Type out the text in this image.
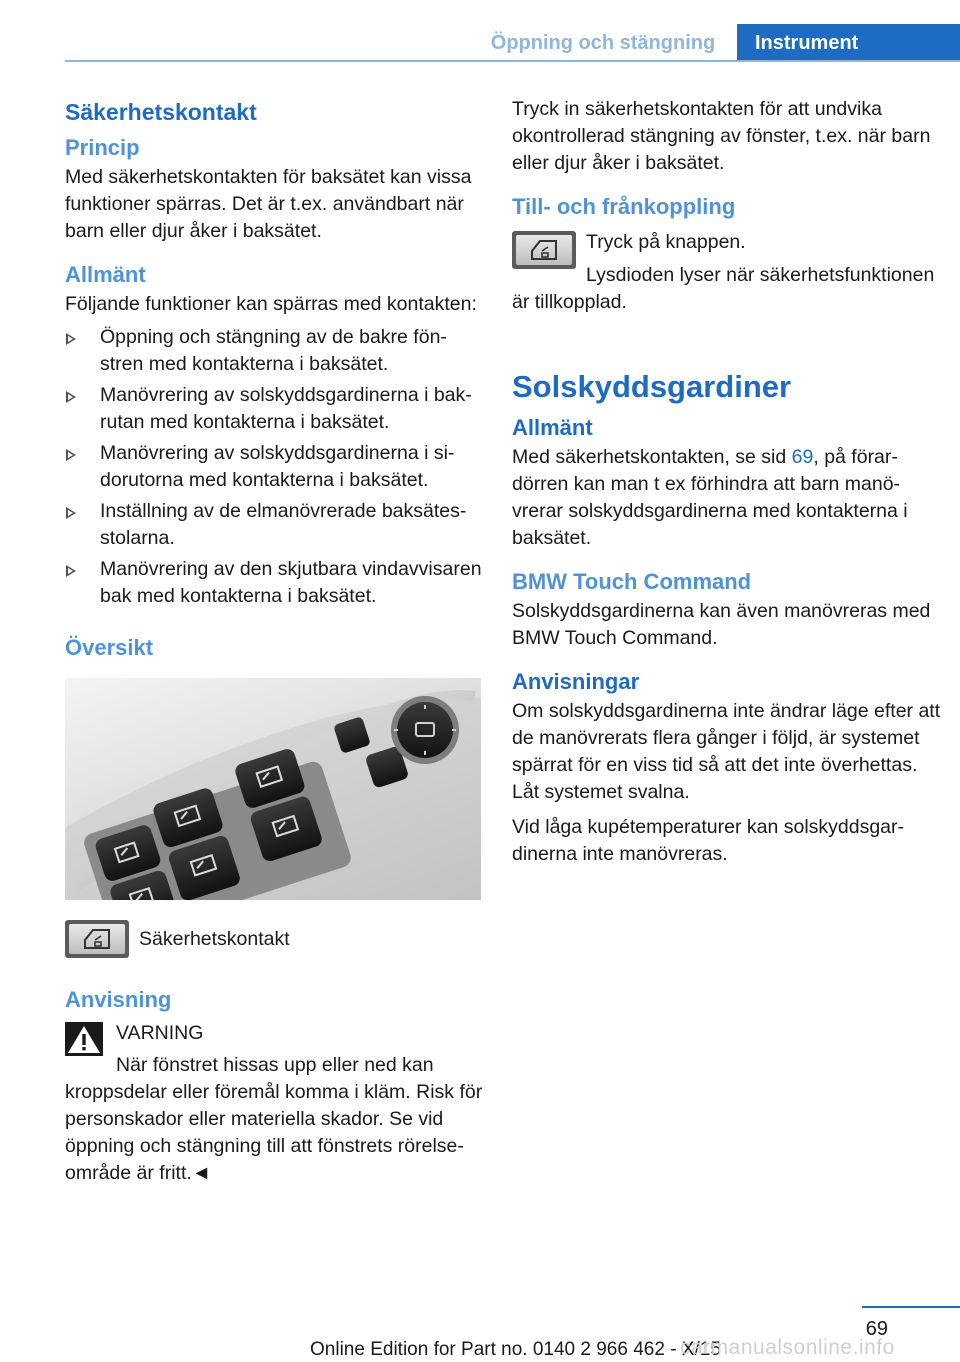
Öppning och stängning	Instrument
Säkerhetskontakt
Princip

Med säkerhetskontakten för baksätet kan vissa funktioner spärras. Det är t.ex. användbart när barn eller djur åker i baksätet.

Allmänt

Följande funktioner kan spärras med kontakten:

Öppning och stängning av de bakre fönstren med kontakterna i baksätet.
Manövrering av solskyddsgardinerna i bakrutan med kontakterna i baksätet.
Manövrering av solskyddsgardinerna i sidorutorna med kontakterna i baksätet.
Inställning av de elmanövrerade baksätesstolarna.
Manövrering av den skjutbara vindavvisaren bak med kontakterna i baksätet.
Översikt

Säkerhetskontakt

Anvisning

VARNING

När fönstret hissas upp eller ned kan kroppsdelar eller föremål komma i kläm. Risk för personskador eller materiella skador. Se vid öppning och stängning till att fönstrets rörelseområde är fritt.◄

Tryck in säkerhetskontakten för att undvika okontrollerad stängning av fönster, t.ex. när barn eller djur åker i baksätet.

Till- och frånkoppling

Tryck på knappen.

Lysdioden lyser när säkerhetsfunktionen är tillkopplad.

Solskyddsgardiner
Allmänt

Med säkerhetskontakten, se sid 69, på förardörren kan man t ex förhindra att barn manövrerar solskyddsgardinerna med kontakterna i baksätet.

BMW Touch Command

Solskyddsgardinerna kan även manövreras med BMW Touch Command.

Anvisningar

Om solskyddsgardinerna inte ändrar läge efter att de manövrerats flera gånger i följd, är systemet spärrat för en viss tid så att det inte överhettas. Låt systemet svalna.

Vid låga kupétemperaturer kan solskyddsgardinerna inte manövreras.

69
Online Edition for Part no. 0140 2 966 462 - X/15
carmanualsonline.info
